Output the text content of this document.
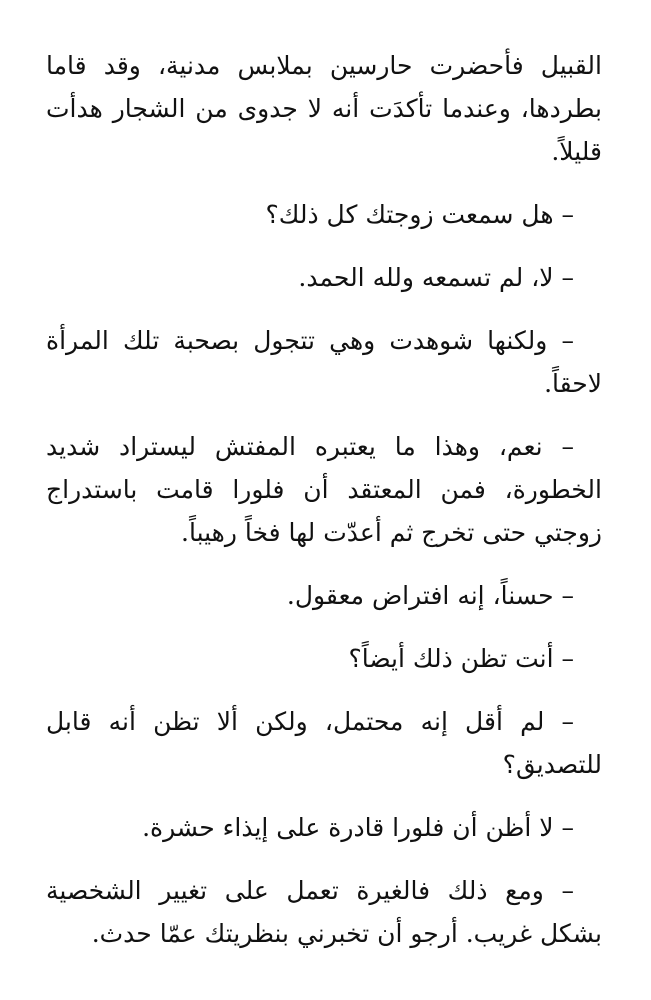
القبيل فأحضرت حارسين بملابس مدنية، وقد قاما بطردها، وعندما تأكدَت أنه لا جدوى من الشجار هدأت قليلاً.

– هل سمعت زوجتك كل ذلك؟

– لا، لم تسمعه ولله الحمد.

– ولكنها شوهدت وهي تتجول بصحبة تلك المرأة لاحقاً.

– نعم، وهذا ما يعتبره المفتش ليستراد شديد الخطورة، فمن المعتقد أن فلورا قامت باستدراج زوجتي حتى تخرج ثم أعدّت لها فخاً رهيباً.

– حسناً، إنه افتراض معقول.

– أنت تظن ذلك أيضاً؟

– لم أقل إنه محتمل، ولكن ألا تظن أنه قابل للتصديق؟

– لا أظن أن فلورا قادرة على إيذاء حشرة.

– ومع ذلك فالغيرة تعمل على تغيير الشخصية بشكل غريب. أرجو أن تخبرني بنظريتك عمّا حدث.
